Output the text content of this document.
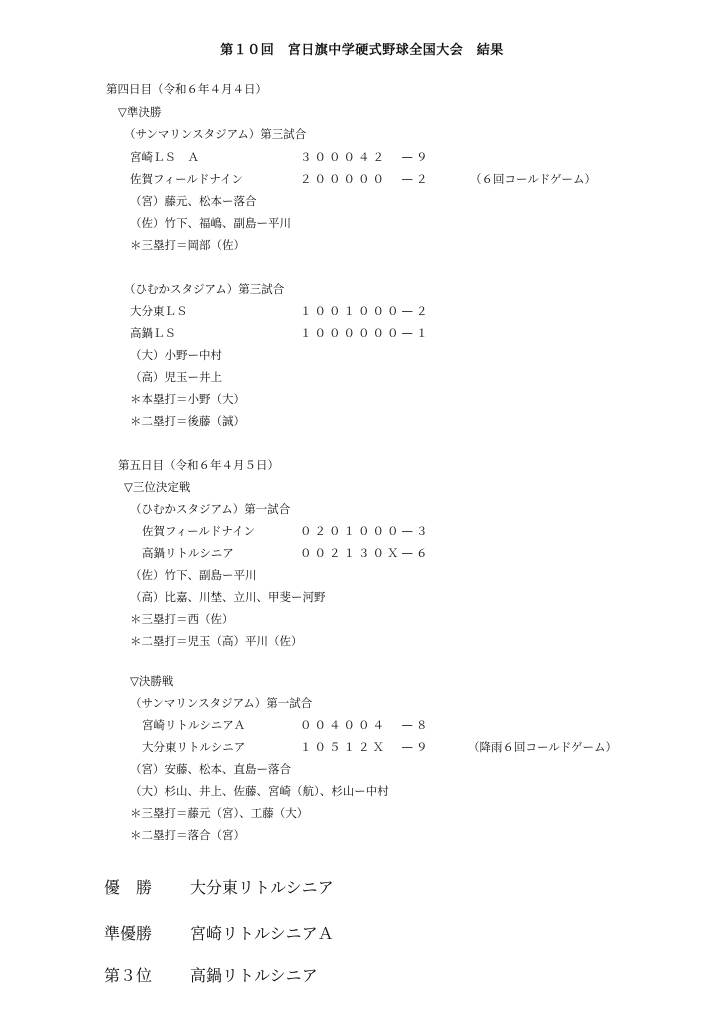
第１０回　宮日旗中学硬式野球全国大会　結果
第四日目（令和６年４月４日）
▽準決勝
（サンマリンスタジアム）第三試合
宮崎ＬＳ　Ａ	３０００４２　—９
佐賀フィールドナイン	２０００００　—２	（６回コールドゲーム）
（宮）藤元、松本ー落合
（佐）竹下、福嶋、副島ー平川
＊三塁打＝岡部（佐）
（ひむかスタジアム）第三試合
大分東ＬＳ	１００１０００—２
高鍋ＬＳ	１００００００—１
（大）小野ー中村
（高）児玉ー井上
＊本塁打＝小野（大）
＊二塁打＝後藤（誠）
第五日目（令和６年４月５日）
▽三位決定戦
（ひむかスタジアム）第一試合
佐賀フィールドナイン	０２０１０００—３
高鍋リトルシニア	００２１３０Ｘ—６
（佐）竹下、副島ー平川
（高）比嘉、川埜、立川、甲斐ー河野
＊三塁打＝西（佐）
＊二塁打＝児玉（高）平川（佐）
▽決勝戦
（サンマリンスタジアム）第一試合
宮崎リトルシニアＡ	００４００４　—８
大分東リトルシニア	１０５１２Ｘ　—９	（降雨６回コールドゲーム）
（宮）安藤、松本、直島ー落合
（大）杉山、井上、佐藤、宮崎（航）、杉山ー中村
＊三塁打＝藤元（宮）、工藤（大）
＊二塁打＝落合（宮）
優　勝 大分東リトルシニア
準優勝 宮崎リトルシニアＡ
第３位 高鍋リトルシニア
